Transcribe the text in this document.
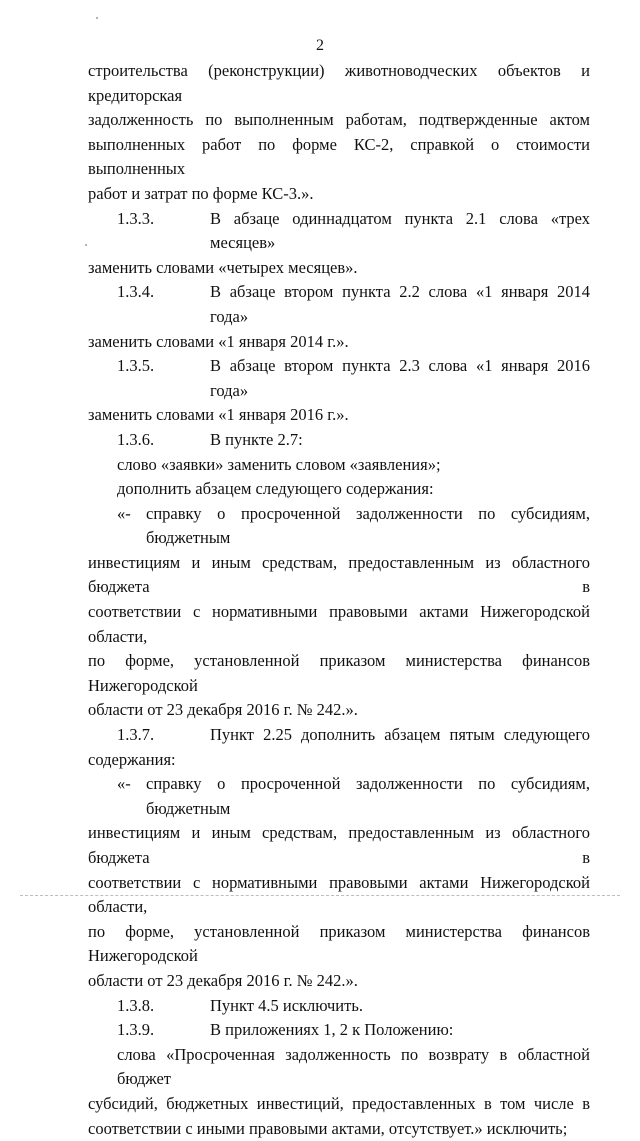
2

строительства (реконструкции) животноводческих объектов и кредиторская

задолженность по выполненным работам, подтвержденные актом

выполненных работ по форме КС-2, справкой о стоимости выполненных

работ и затрат по форме КС-3.».

1.3.3.	В абзаце одиннадцатом пункта 2.1 слова «трех месяцев»

заменить словами «четырех месяцев».

1.3.4.	В абзаце втором пункта 2.2 слова «1 января 2014 года»

заменить словами «1 января 2014 г.».

1.3.5.	В абзаце втором пункта 2.3 слова «1 января 2016 года»

заменить словами «1 января 2016 г.».

1.3.6.	В пункте 2.7:

слово «заявки» заменить словом «заявления»;

дополнить абзацем следующего содержания:

«- справку о просроченной задолженности по субсидиям, бюджетным

инвестициям и иным средствам, предоставленным из областного бюджета в

соответствии с нормативными правовыми актами Нижегородской области,

по форме, установленной приказом министерства финансов Нижегородской

области от 23 декабря 2016 г. № 242.».

1.3.7.	Пункт 2.25 дополнить абзацем пятым следующего

содержания:

«- справку о просроченной задолженности по субсидиям, бюджетным

инвестициям и иным средствам, предоставленным из областного бюджета в

соответствии с нормативными правовыми актами Нижегородской области,

по форме, установленной приказом министерства финансов Нижегородской

области от 23 декабря 2016 г. № 242.».

1.3.8.	Пункт 4.5 исключить.
1.3.9.	В приложениях 1, 2 к Положению:

слова «Просроченная задолженность по возврату в областной бюджет

субсидий, бюджетных инвестиций, предоставленных в том числе в

соответствии с иными правовыми актами, отсутствует.» исключить;
